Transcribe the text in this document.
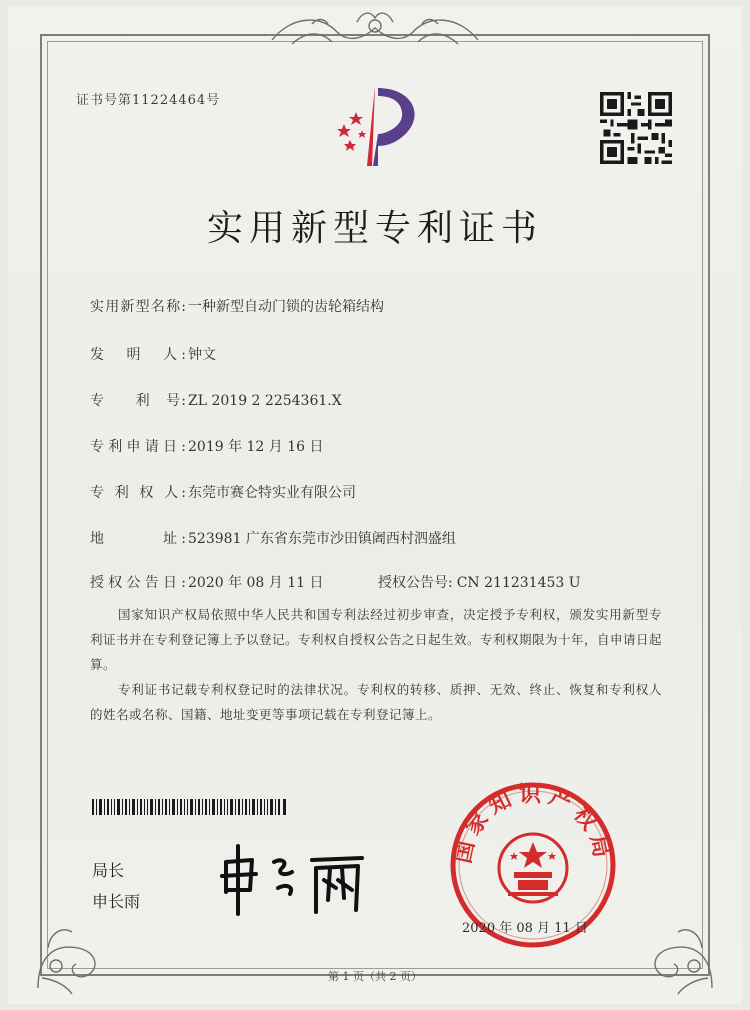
证书号第11224464号
实用新型专利证书
实用新型名称: 一种新型自动门锁的齿轮箱结构
发　明　人: 钟文
专　　利　号: ZL 2019 2 2254361.X
专利申请日: 2019 年 12 月 16 日
专 利 权 人: 东莞市赛仑特实业有限公司
地　　　址: 523981 广东省东莞市沙田镇阇西村泗盛组
授权公告日: 2020 年 08 月 11 日	授权公告号: CN 211231453 U
国家知识产权局依照中华人民共和国专利法经过初步审查，决定授予专利权，颁发实用新型专利证书并在专利登记簿上予以登记。专利权自授权公告之日起生效。专利权期限为十年，自申请日起算。
专利证书记载专利权登记时的法律状况。专利权的转移、质押、无效、终止、恢复和专利权人的姓名或名称、国籍、地址变更等事项记载在专利登记簿上。
局长
申长雨
国家知识产权局
2020 年 08 月 11 日
第 1 页（共 2 页）
